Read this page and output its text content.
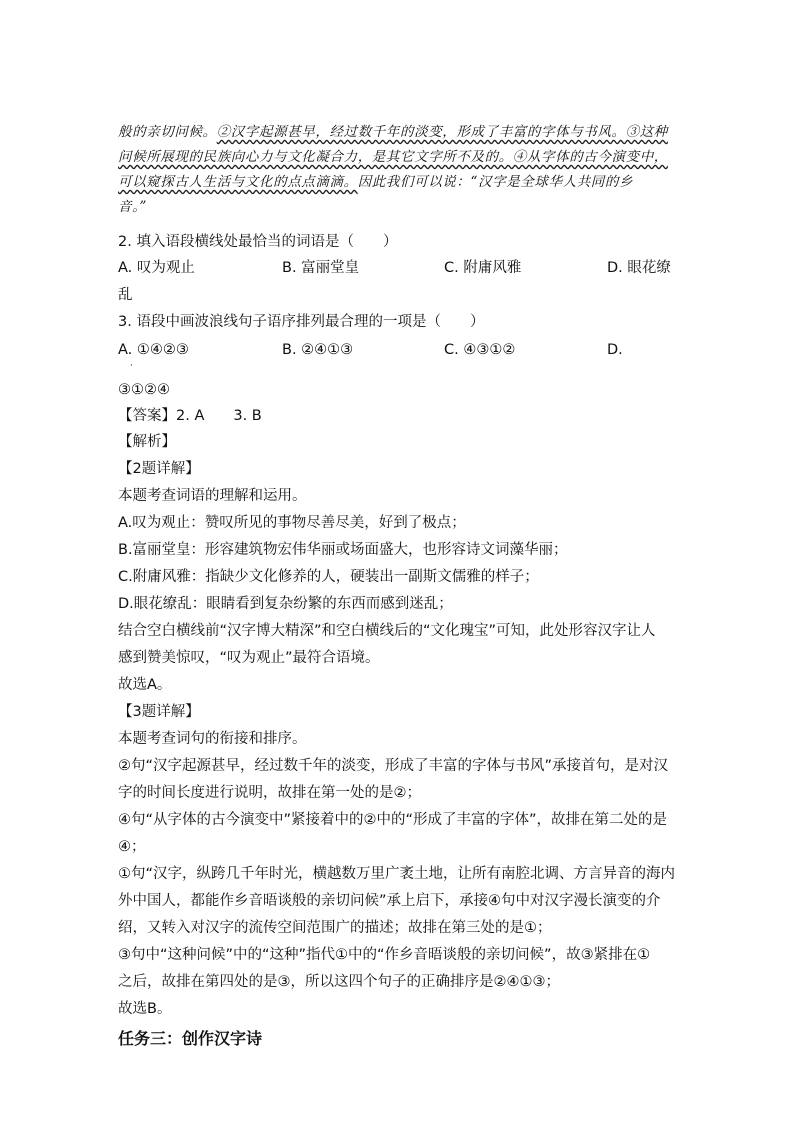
般的亲切问候。②汉字起源甚早，经过数千年的淡变，形成了丰富的字体与书风。③这种
问候所展现的民族向心力与文化凝合力，是其它文字所不及的。④从字体的古今演变中，
可以窥探古人生活与文化的点点滴滴。因此我们可以说：“汉字是全球华人共同的乡
音。”
2. 填入语段横线处最恰当的词语是（　　）
A. 叹为观止	B. 富丽堂皇	C. 附庸风雅	D. 眼花缭
乱
3. 语段中画波浪线句子语序排列最合理的一项是（　　）
A. ①④②③
·
B. ②④①③	C. ④③①②	D.
③①②④
【答案】2. A　　3. B
【解析】
【2题详解】
本题考查词语的理解和运用。
A.叹为观止：赞叹所见的事物尽善尽美，好到了极点；
B.富丽堂皇：形容建筑物宏伟华丽或场面盛大，也形容诗文词藻华丽；
C.附庸风雅：指缺少文化修养的人，硬装出一副斯文儒雅的样子；
D.眼花缭乱：眼睛看到复杂纷繁的东西而感到迷乱；
结合空白横线前“汉字博大精深”和空白横线后的“文化瑰宝”可知，此处形容汉字让人
感到赞美惊叹，“叹为观止”最符合语境。
故选A。
【3题详解】
本题考查词句的衔接和排序。
②句“汉字起源甚早，经过数千年的淡变，形成了丰富的字体与书风”承接首句，是对汉
字的时间长度进行说明，故排在第一处的是②；
④句“从字体的古今演变中”紧接着中的②中的“形成了丰富的字体”，故排在第二处的是
④；
①句“汉字，纵跨几千年时光，横越数万里广袤土地，让所有南腔北调、方言异音的海内
外中国人，都能作乡音晤谈般的亲切问候”承上启下，承接④句中对汉字漫长演变的介
绍，又转入对汉字的流传空间范围广的描述；故排在第三处的是①；
③句中“这种问候”中的“这种”指代①中的“作乡音晤谈般的亲切问候”，故③紧排在①
之后，故排在第四处的是③，所以这四个句子的正确排序是②④①③；
故选B。
任务三：创作汉字诗
